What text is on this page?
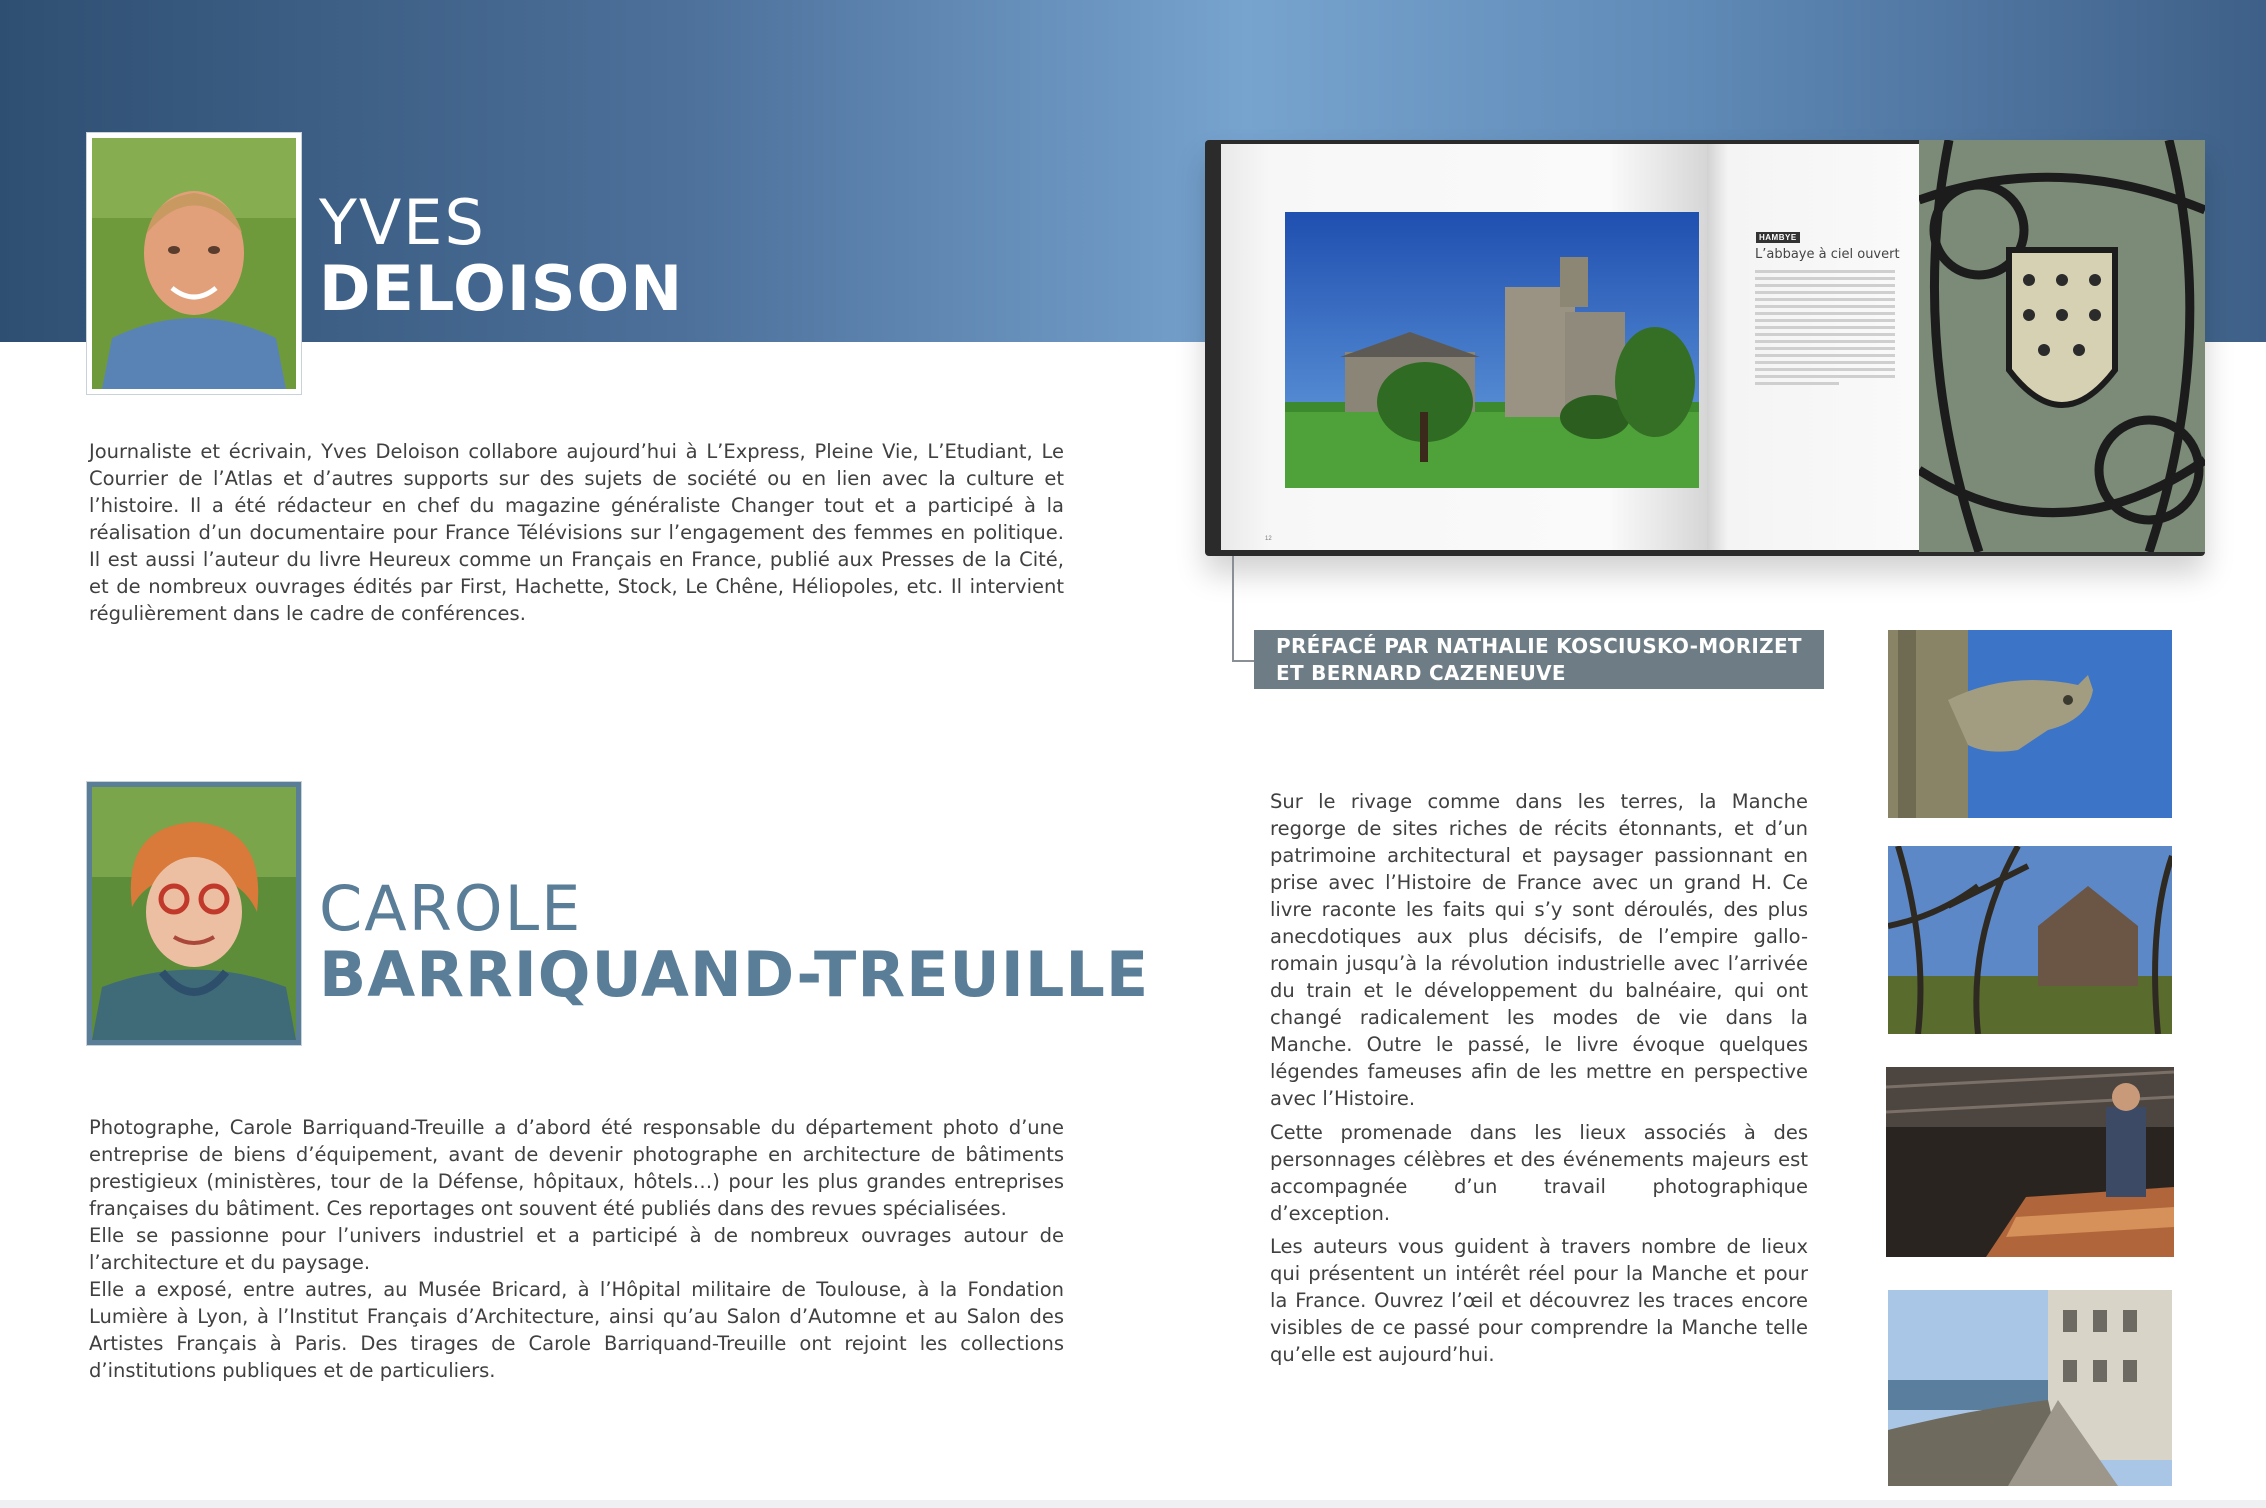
YVES
DELOISON

Journaliste et écrivain, Yves Deloison collabore aujourd’hui à L’Express, Pleine Vie, L’Etudiant, Le Courrier de l’Atlas et d’autres supports sur des sujets de société ou en lien avec la culture et l’histoire. Il a été rédacteur en chef du magazine généraliste Changer tout et a participé à la réalisation d’un documentaire pour France Télévisions sur l’engagement des femmes en politique. Il est aussi l’auteur du livre Heureux comme un Français en France, publié aux Presses de la Cité, et de nombreux ouvrages édités par First, Hachette, Stock, Le Chêne, Héliopoles, etc. Il intervient régulièrement dans le cadre de conférences.

CAROLE
BARRIQUAND-TREUILLE

Photographe, Carole Barriquand-Treuille a d’abord été responsable du département photo d’une entreprise de biens d’équipement, avant de devenir photographe en architecture de bâtiments prestigieux (ministères, tour de la Défense, hôpitaux, hôtels…) pour les plus grandes entreprises françaises du bâtiment. Ces reportages ont souvent été publiés dans des revues spécialisées.

Elle se passionne pour l’univers industriel et a participé à de nombreux ouvrages autour de l’architecture et du paysage.

Elle a exposé, entre autres, au Musée Bricard, à l’Hôpital militaire de Toulouse, à la Fondation Lumière à Lyon, à l’Institut Français d’Architecture, ainsi qu’au Salon d’Automne et au Salon des Artistes Français à Paris. Des tirages de Carole Barriquand-Treuille ont rejoint les collections d’institutions publiques et de particuliers.

12
HAMBYE
L’abbaye à ciel ouvert
PRÉFACÉ PAR NATHALIE KOSCIUSKO-MORIZET
ET BERNARD CAZENEUVE
Sur le rivage comme dans les terres, la Manche regorge de sites riches de récits étonnants, et d’un patrimoine architectural et paysager passionnant en prise avec l’Histoire de France avec un grand H. Ce livre raconte les faits qui s’y sont déroulés, des plus anecdotiques aux plus décisifs, de l’empire gallo-romain jusqu’à la révolution industrielle avec l’arrivée du train et le développement du balnéaire, qui ont changé radicalement les modes de vie dans la Manche. Outre le passé, le livre évoque quelques légendes fameuses afin de les mettre en perspective avec l’Histoire.
Cette promenade dans les lieux associés à des personnages célèbres et des événements majeurs est accompagnée d’un travail photographique d’exception.
Les auteurs vous guident à travers nombre de lieux qui présentent un intérêt réel pour la Manche et pour la France. Ouvrez l’œil et découvrez les traces encore visibles de ce passé pour comprendre la Manche telle qu’elle est aujourd’hui.
